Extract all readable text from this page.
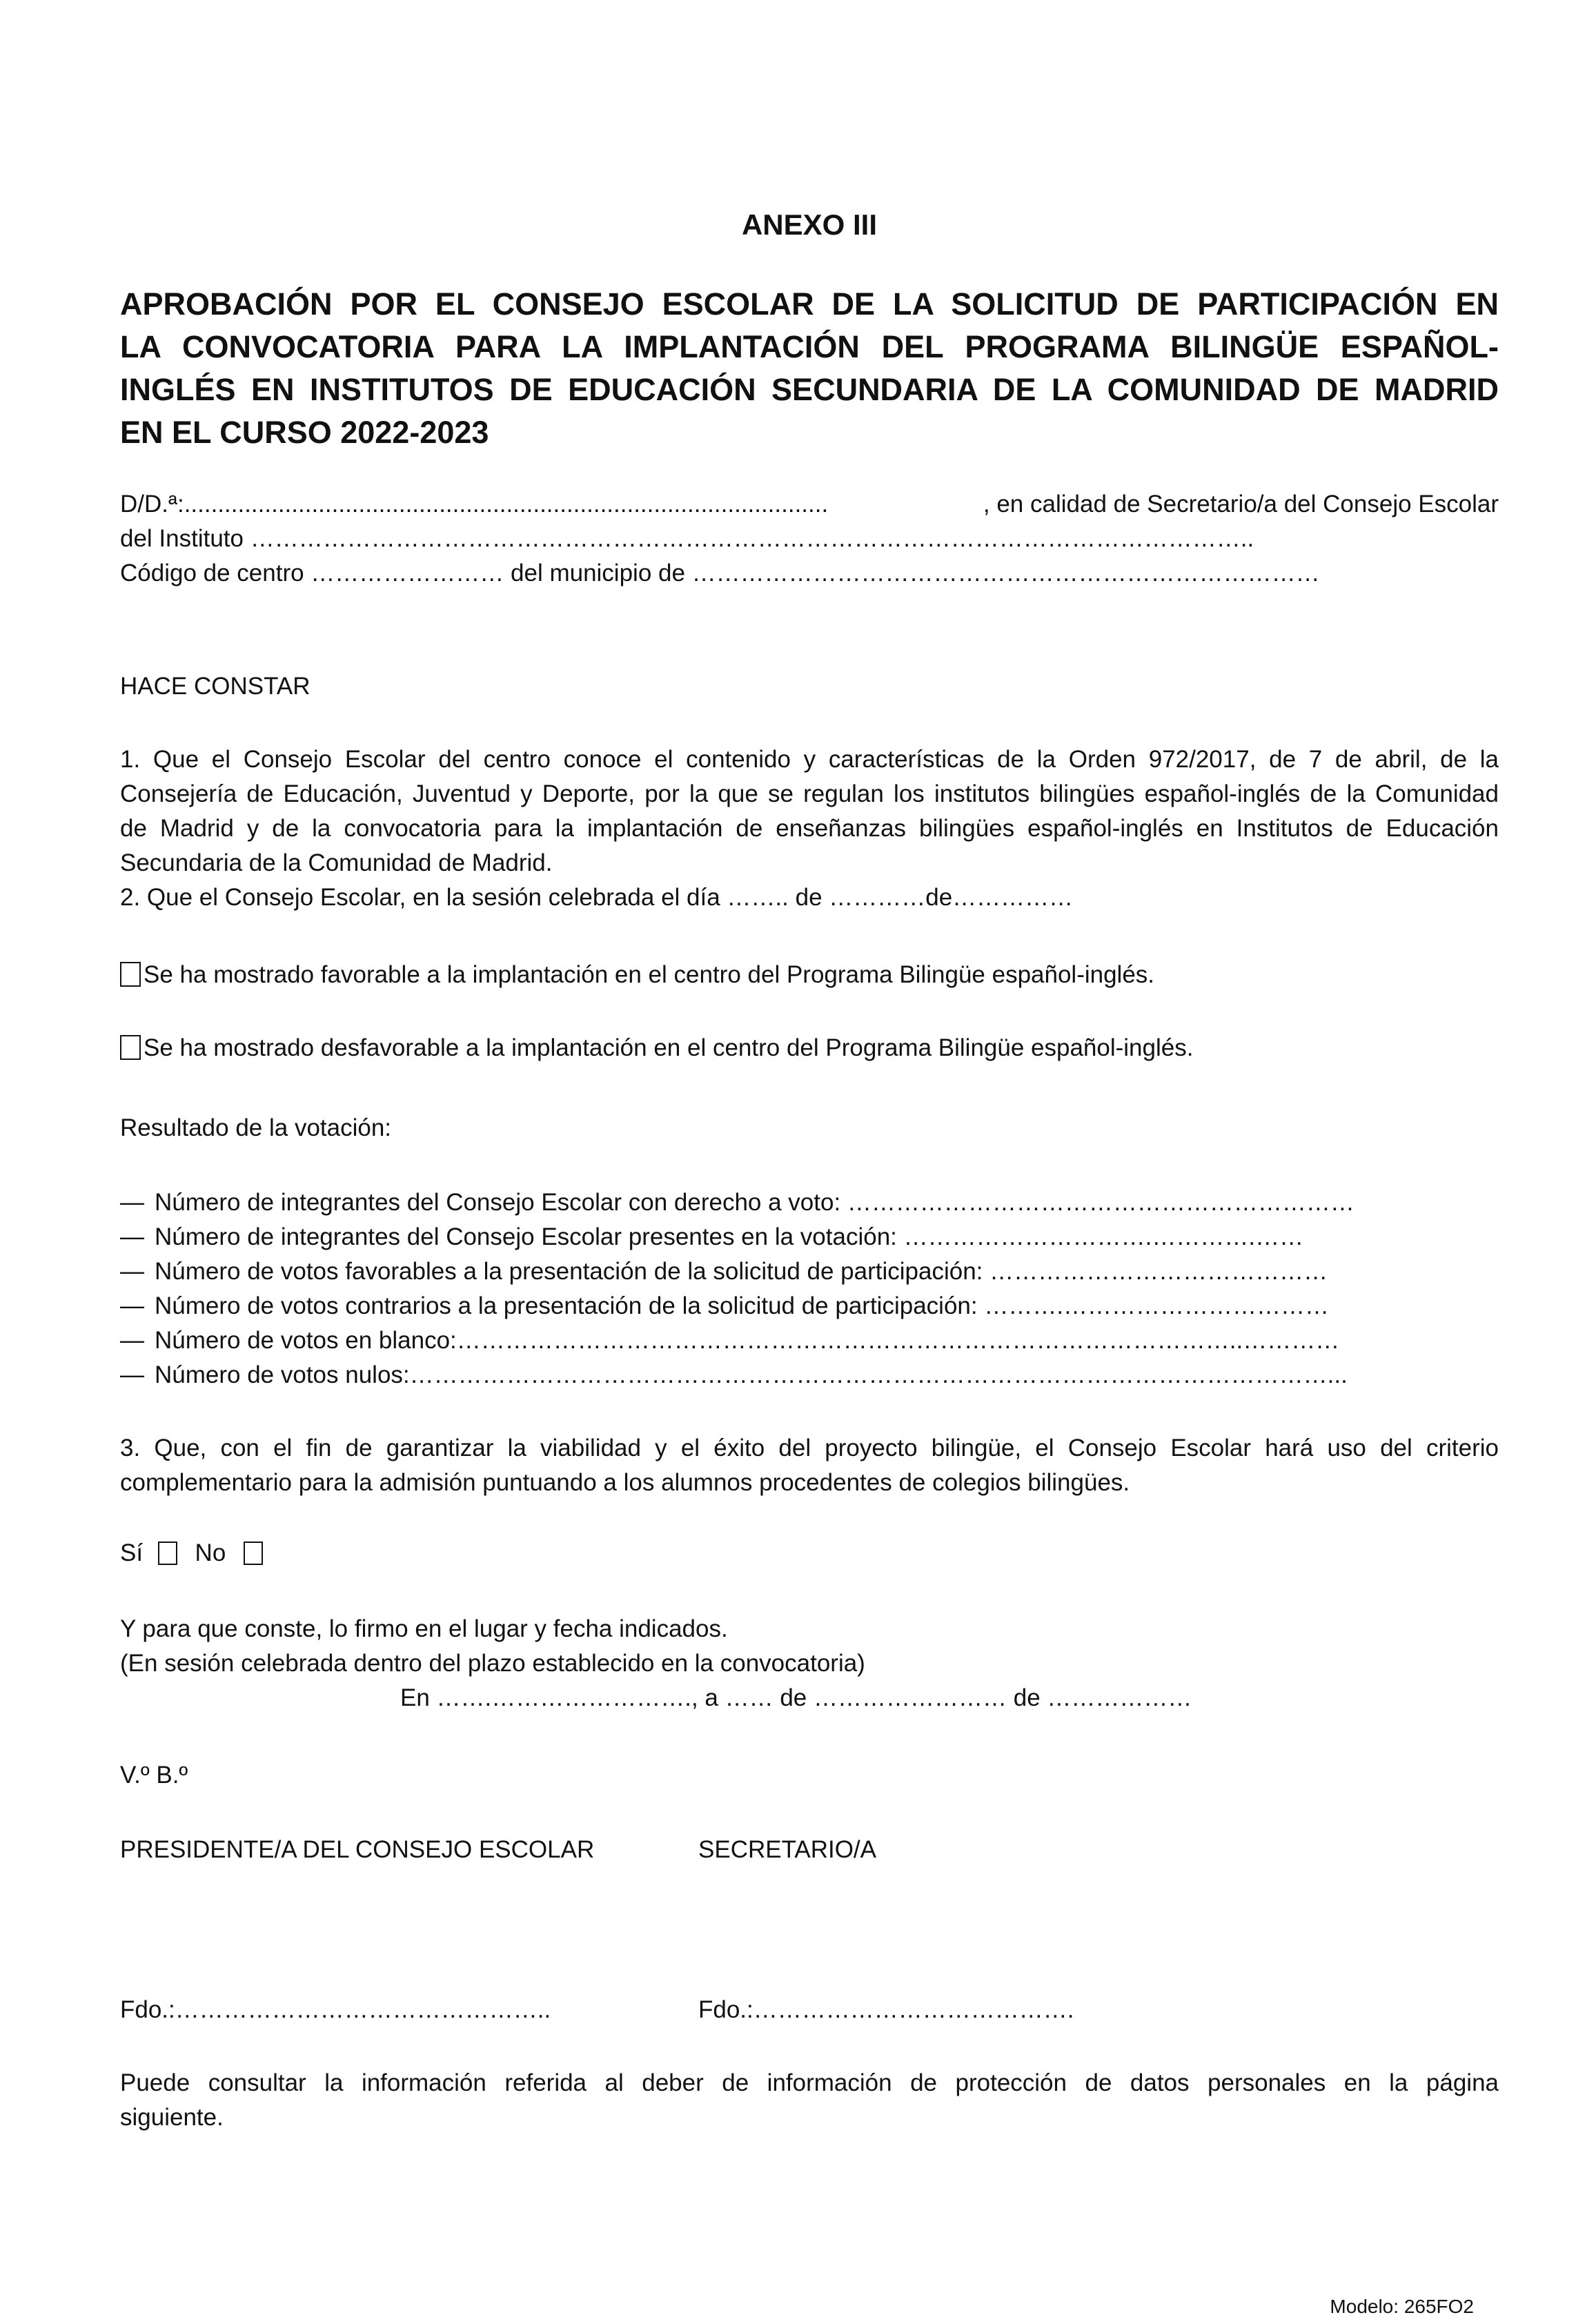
ANEXO III
APROBACIÓN POR EL CONSEJO ESCOLAR DE LA SOLICITUD DE PARTICIPACIÓN EN
LA CONVOCATORIA PARA LA IMPLANTACIÓN DEL PROGRAMA BILINGÜE ESPAÑOL-
INGLÉS EN INSTITUTOS DE EDUCACIÓN SECUNDARIA DE LA COMUNIDAD DE MADRID
EN EL CURSO 2022-2023
D/D.ª:................................................................................................	, en calidad de Secretario/a del Consejo Escolar
del Instituto ……………………………………………………………………………………………………………..
Código de centro …………………… del municipio de ……………………………………………………………………
HACE CONSTAR
1. Que el Consejo Escolar del centro conoce el contenido y características de la Orden 972/2017, de 7 de abril, de la
Consejería de Educación, Juventud y Deporte, por la que se regulan los institutos bilingües español-inglés de la Comunidad
de Madrid y de la convocatoria para la implantación de enseñanzas bilingües español-inglés en Institutos de Educación
Secundaria de la Comunidad de Madrid.
2. Que el Consejo Escolar, en la sesión celebrada el día …….. de …………de……………
Se ha mostrado favorable a la implantación en el centro del Programa Bilingüe español-inglés.
Se ha mostrado desfavorable a la implantación en el centro del Programa Bilingüe español-inglés.
Resultado de la votación:
— Número de integrantes del Consejo Escolar con derecho a voto: ………………………………………………………
— Número de integrantes del Consejo Escolar presentes en la votación: ………………………….………….……
— Número de votos favorables a la presentación de la solicitud de participación: ……………………………………
— Número de votos contrarios a la presentación de la solicitud de participación: ……….……………………………
— Número de votos en blanco:……………………………………………………………………………………..…………
— Número de votos nulos:……………………………………………………………………………………………………...
3. Que, con el fin de garantizar la viabilidad y el éxito del proyecto bilingüe, el Consejo Escolar hará uso del criterio
complementario para la admisión puntuando a los alumnos procedentes de colegios bilingües.
Sí No
Y para que conste, lo firmo en el lugar y fecha indicados.
(En sesión celebrada dentro del plazo establecido en la convocatoria)
En …….……………………., a …… de …………………… de ………………
V.º B.º
PRESIDENTE/A DEL CONSEJO ESCOLAR	SECRETARIO/A
Fdo.:………………………………………..	Fdo.:………………………………….
Puede consultar la información referida al deber de información de protección de datos personales en la página
siguiente.
Modelo: 265FO2
